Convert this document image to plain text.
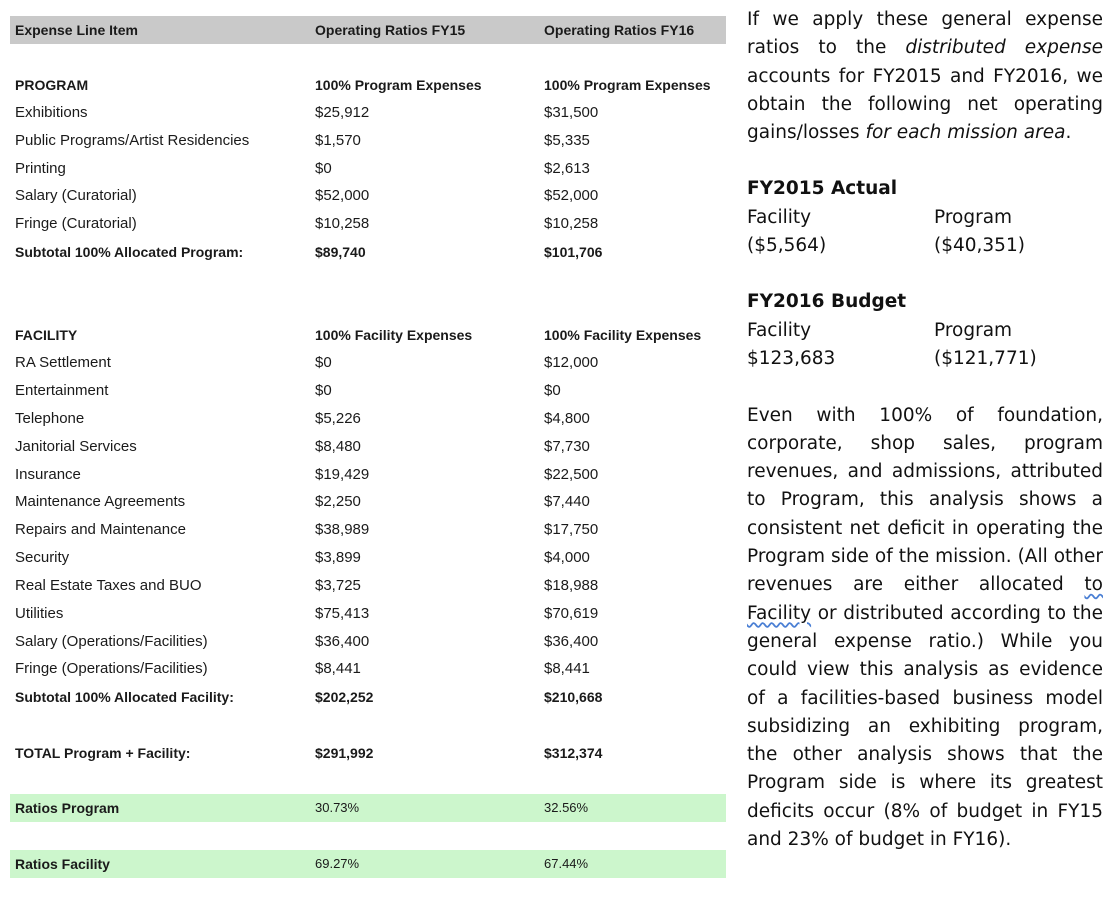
Expense Line Item	Operating Ratios FY15	Operating Ratios FY16
PROGRAM	100% Program Expenses	100% Program Expenses
Exhibitions	$25,912	$31,500
Public Programs/Artist Residencies	$1,570	$5,335
Printing	$0	$2,613
Salary (Curatorial)	$52,000	$52,000
Fringe (Curatorial)	$10,258	$10,258
Subtotal 100% Allocated Program:	$89,740	$101,706
FACILITY	100% Facility Expenses	100% Facility Expenses
RA Settlement	$0	$12,000
Entertainment	$0	$0
Telephone	$5,226	$4,800
Janitorial Services	$8,480	$7,730
Insurance	$19,429	$22,500
Maintenance Agreements	$2,250	$7,440
Repairs and Maintenance	$38,989	$17,750
Security	$3,899	$4,000
Real Estate Taxes and BUO	$3,725	$18,988
Utilities	$75,413	$70,619
Salary (Operations/Facilities)	$36,400	$36,400
Fringe (Operations/Facilities)	$8,441	$8,441
Subtotal 100% Allocated Facility:	$202,252	$210,668
TOTAL Program + Facility:	$291,992	$312,374
Ratios Program	30.73%	32.56%
Ratios Facility	69.27%	67.44%

If we apply these general expense ratios to the distributed expense accounts for FY2015 and FY2016, we obtain the following net operating gains/losses for each mission area.

FY2015 Actual

Facility	Program
($5,564)	($40,351)

FY2016 Budget

Facility	Program
$123,683	($121,771)

Even with 100% of foundation, corporate, shop sales, program revenues, and admissions, attributed to Program, this analysis shows a consistent net deficit in operating the Program side of the mission. (All other revenues are either allocated to Facility or distributed according to the general expense ratio.) While you could view this analysis as evidence of a facilities-based business model subsidizing an exhibiting program, the other analysis shows that the Program side is where its greatest deficits occur (8% of budget in FY15 and 23% of budget in FY16).
